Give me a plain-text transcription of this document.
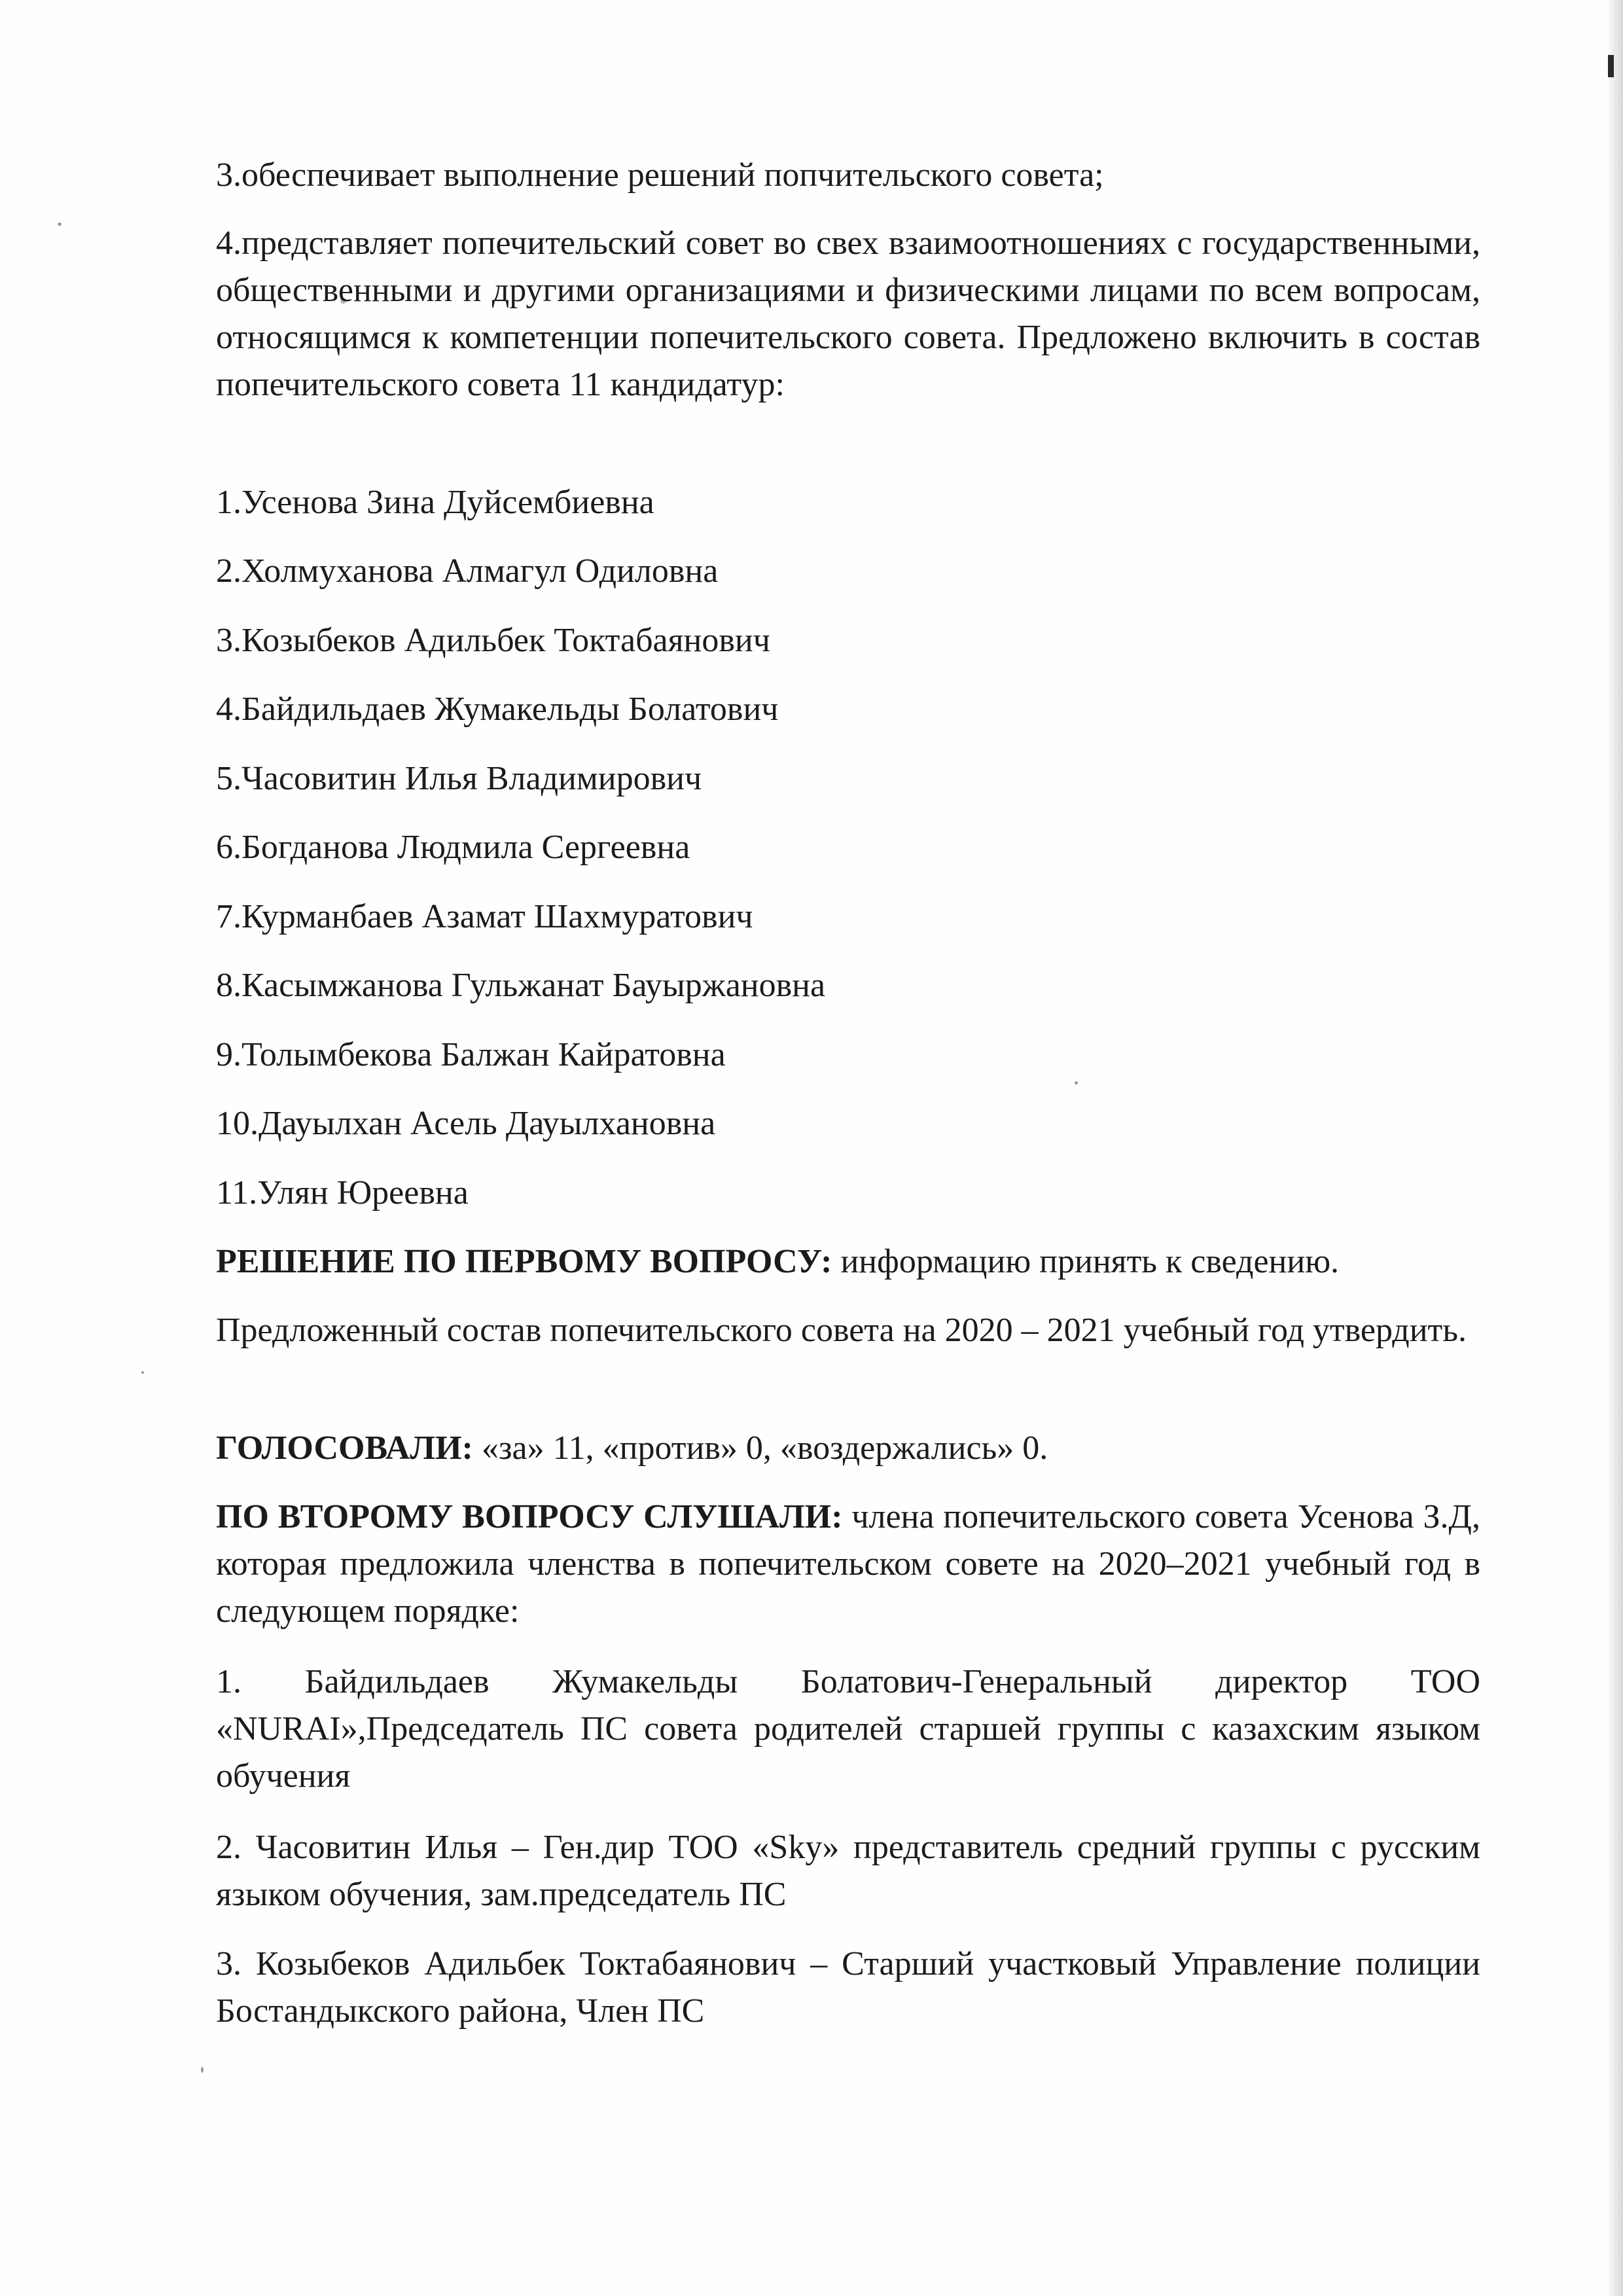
3.обеспечивает выполнение решений попчительского совета;
4.представляет попечительский совет во свех взаимоотношениях с государственными, общественными и другими организациями и физическими лицами по всем вопросам, относящимся к компетенции попечительского совета. Предложено включить в состав попечительского совета 11 кандидатур:
1.Усенова Зина Дуйсембиевна
2.Холмуханова Алмагул Одиловна
3.Козыбеков Адильбек Токтабаянович
4.Байдильдаев Жумакельды Болатович
5.Часовитин Илья Владимирович
6.Богданова Людмила Сергеевна
7.Курманбаев Азамат Шахмуратович
8.Касымжанова Гульжанат Бауыржановна
9.Толымбекова Балжан Кайратовна
10.Дауылхан Асель Дауылхановна
11.Улян Юреевна
РЕШЕНИЕ ПО ПЕРВОМУ ВОПРОСУ: информацию принять к сведению.
Предложенный состав попечительского совета на 2020 – 2021 учебный год утвердить.
ГОЛОСОВАЛИ: «за» 11, «против» 0, «воздержались» 0.
ПО ВТОРОМУ ВОПРОСУ СЛУШАЛИ: члена попечительского совета Усенова З.Д, которая предложила членства в попечительском совете на 2020–2021 учебный год в следующем порядке:
1. Байдильдаев Жумакельды Болатович-Генеральный директор ТОО «NURAI»,Председатель ПС совета родителей старшей группы с казахским языком обучения
2. Часовитин Илья – Ген.дир ТОО «Sky» представитель средний группы с русским языком обучения, зам.председатель ПС
3. Козыбеков Адильбек Токтабаянович – Старший участковый Управление полиции Бостандыкского района, Член ПС
